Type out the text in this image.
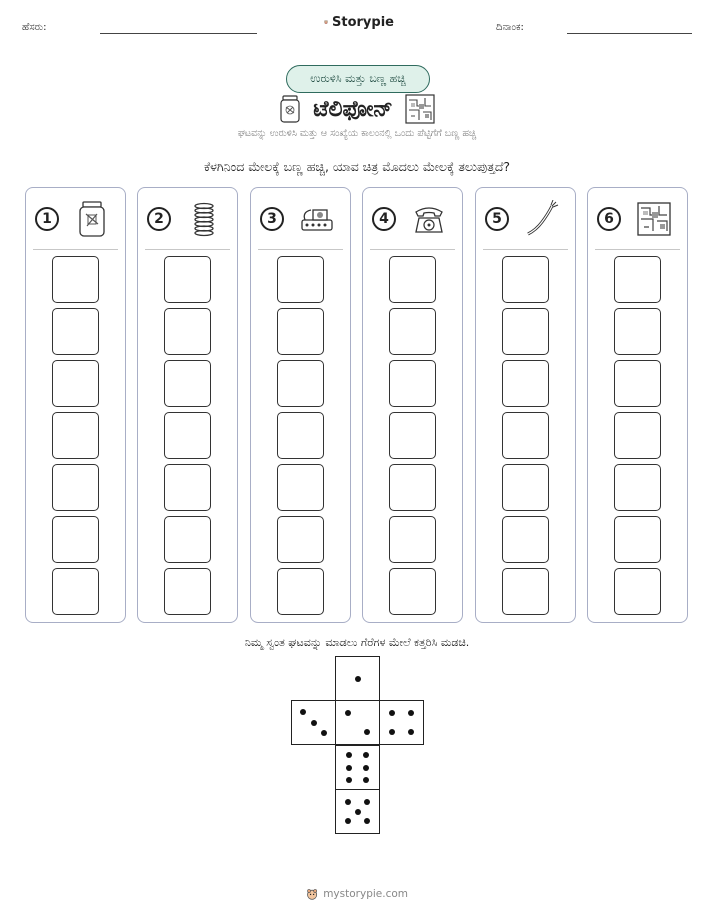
ಹೆಸರು:	Storypie	ದಿನಾಂಕ:
ಉರುಳಿಸಿ ಮತ್ತು ಬಣ್ಣ ಹಚ್ಚಿ
ಟೆಲಿಫೋನ್
ಘಟವನ್ನು ಉರುಳಿಸಿ ಮತ್ತು ಆ ಸಂಖ್ಯೆಯ ಕಾಲಂನಲ್ಲಿ ಒಂದು ಪೆಟ್ಟಿಗೆಗೆ ಬಣ್ಣ ಹಚ್ಚಿ
ಕೆಳಗಿನಿಂದ ಮೇಲಕ್ಕೆ ಬಣ್ಣ ಹಚ್ಚಿ, ಯಾವ ಚಿತ್ರ ಮೊದಲು ಮೇಲಕ್ಕೆ ತಲುಪುತ್ತದೆ?
1	2	3	4	5	6
ನಿಮ್ಮ ಸ್ವಂತ ಘಟವನ್ನು ಮಾಡಲು ಗೆರೆಗಳ ಮೇಲೆ ಕತ್ತರಿಸಿ ಮಡಚಿ.
mystorypie.com
